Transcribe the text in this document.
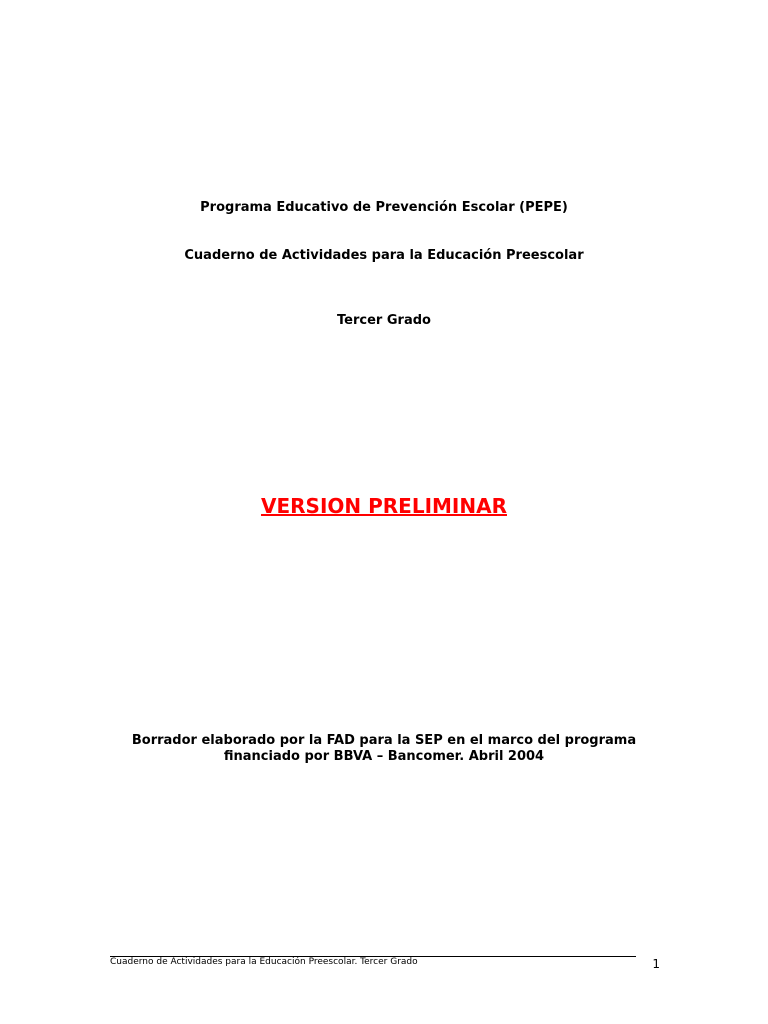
Programa Educativo de Prevención Escolar (PEPE)
Cuaderno de Actividades para la Educación Preescolar
Tercer Grado
VERSION PRELIMINAR
Borrador elaborado por la FAD para la SEP en el marco del programa
financiado por BBVA – Bancomer. Abril 2004
Cuaderno de Actividades para la Educación Preescolar. Tercer Grado	1
